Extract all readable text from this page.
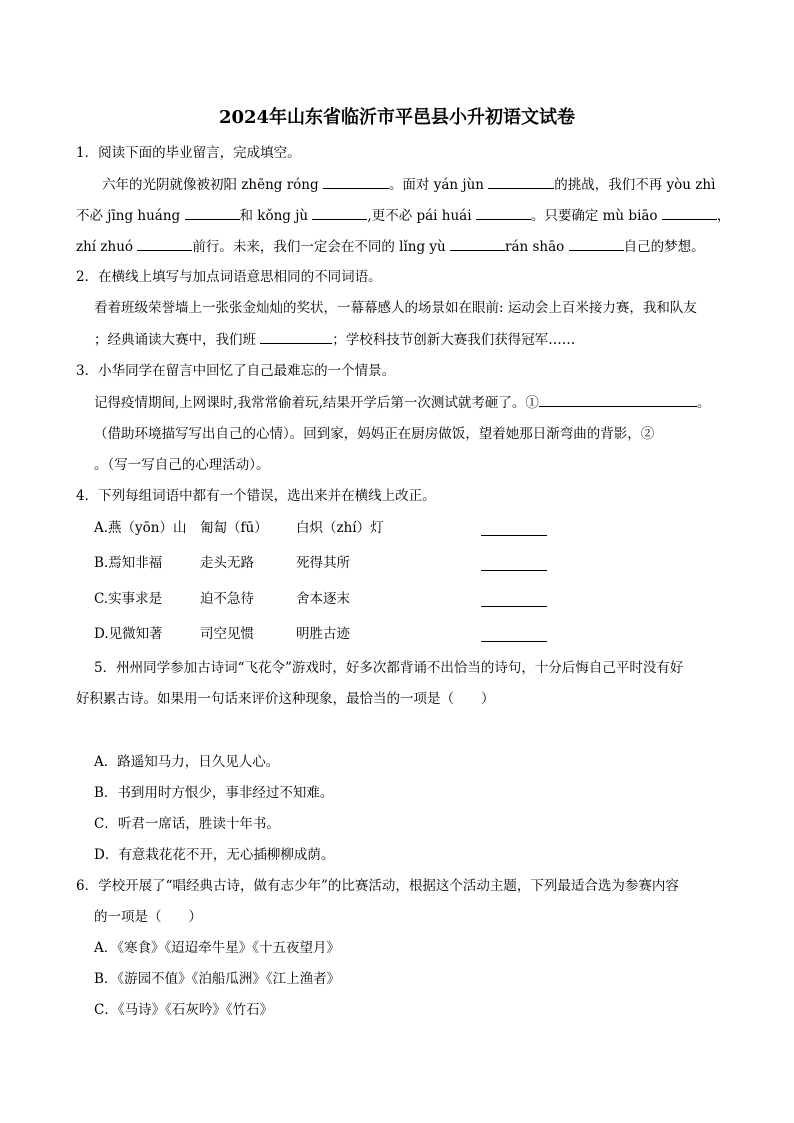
2024年山东省临沂市平邑县小升初语文试卷
1．阅读下面的毕业留言，完成填空。
六年的光阴就像被初阳 zhēng róng	。面对 yán jùn	的挑战，我们不再 yòu zhì
不必 jīng huáng	和 kǒng jù	,更不必 pái huái	。只要确定 mù biāo	，
zhí zhuó	前行。未来，我们一定会在不同的 lǐng yù	rán shāo	自己的梦想。
2．在横线上填写与加点词语意思相同的不同词语。
看着班级荣誉墙上一张张金灿灿的奖状，一幕幕感人的场景如在眼前: 运动会上百米接力赛，我和队友
；经典诵读大赛中，我们班	；学校科技节创新大赛我们获得冠军……
3．小华同学在留言中回忆了自己最难忘的一个情景。
记得疫情期间,上网课时,我常常偷着玩,结果开学后第一次测试就考砸了。①	。
（借助环境描写写出自己的心情）。回到家，妈妈正在厨房做饭，望着她那日渐弯曲的背影，②
。（写一写自己的心理活动）。
4．下列每组词语中都有一个错误，选出来并在横线上改正。
A.燕（yōn）山 匍匐（fū） 白炽（zhí）灯
B.焉知非福	走头无路	死得其所
C.实事求是	迫不急待	舍本逐末
D.见微知著	司空见惯	明胜古迹
5．州州同学参加古诗词“飞花令”游戏时，好多次都背诵不出恰当的诗句，十分后悔自己平时没有好
好积累古诗。如果用一句话来评价这种现象，最恰当的一项是（　　）
A．路遥知马力，日久见人心。
B．书到用时方恨少，事非经过不知难。
C．听君一席话，胜读十年书。
D．有意栽花花不开，无心插柳柳成荫。
6．学校开展了“唱经典古诗，做有志少年”的比赛活动，根据这个活动主题，下列最适合选为参赛内容
的一项是（　　）
A．《寒食》《迢迢牵牛星》《十五夜望月》
B．《游园不值》《泊船瓜洲》《江上渔者》
C．《马诗》《石灰吟》《竹石》
